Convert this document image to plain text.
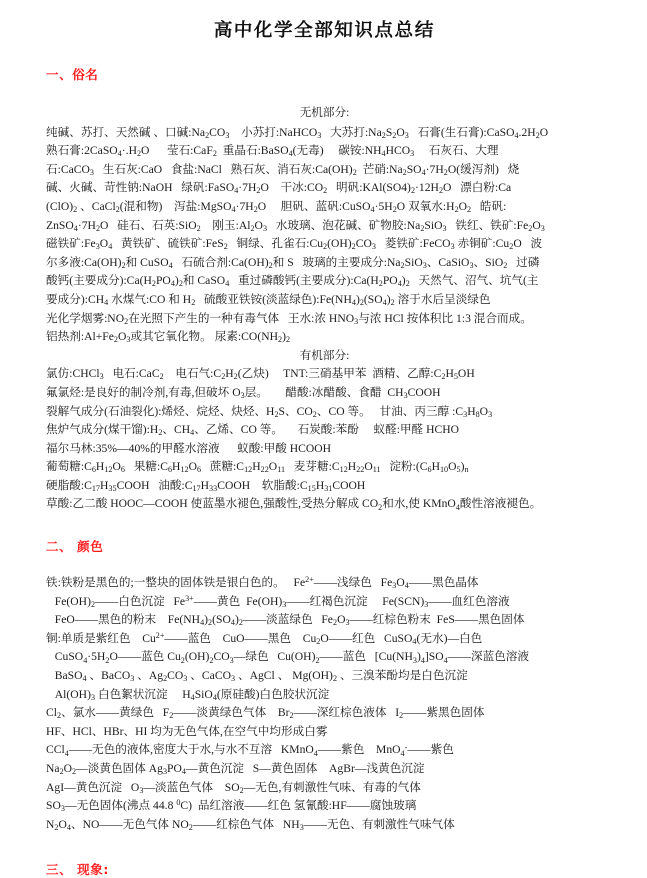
高中化学全部知识点总结
一、俗名

无机部分:

纯碱、苏打、天然碱 、口碱$:Na_2CO_3$    小苏打:NaHCO$_3$   大苏打$:Na_2S_2O_3$   石膏(生石膏)$:CaSO_4.2H_2O$
熟石膏$:2CaSO_4\cdot.H_2O$      莹石:CaF$_2$  重晶石:BaSO$_4$(无毒)     碳铵$:NH_4HCO_3$     石灰石、大理
石:CaCO$_3$   生石灰:CaO   食盐:NaCl   熟石灰、消石灰$:Ca(OH)_2$  芒硝$:Na_2SO_4\cdot 7H_2O$(缓泻剂)   烧
碱、火碱、苛性钠:NaOH   绿矾$:FaSO_4\cdot 7H_2O$    干冰$:CO_2$   明矾$:KAl(SO4)_2\cdot 12H_2O$   漂白粉:Ca
$(ClO)_2$ 、CaCl$_2$(混和物)    泻盐$:MgSO_4\cdot 7H_2O$     胆矾、蓝矾$:CuSO_4\cdot 5H_2O$ 双氧水$:H_2O_2$   皓矾:
$ZnSO_4\cdot 7H_2O$   硅石、石英:SiO$_2$    刚玉$:Al_2O_3$   水玻璃、泡花碱、矿物胶$:Na_2SiO_3$   铁红、铁矿$:Fe_2O_3$
磁铁矿$:Fe_3O_4$   黄铁矿、硫铁矿:FeS$_2$   铜绿、孔雀石$:Cu_2(OH)_2CO_3$   菱铁矿:FeCO$_3$ 赤铜矿$:Cu_2O$   波
尔多液$:Ca(OH)_2$和 CuSO$_4$   石硫合剂$:Ca(OH)_2$和 S   玻璃的主要成分$:Na_2SiO_3$、CaSiO$_3$、SiO$_2$   过磷
酸钙(主要成分)$:Ca(H_2PO_4)_2$和 CaSO$_4$   重过磷酸钙(主要成分)$:Ca(H_2PO_4)_2$   天然气、沼气、坑气(主
要成分)$:CH_4$ 水煤气:CO 和 $H_2$   硫酸亚铁铵(淡蓝绿色)$:Fe(NH_4)_2(SO_4)_2$ 溶于水后呈淡绿色
光化学烟雾$:NO_2$在光照下产生的一种有毒气体   王水:浓 $HNO_3$与浓 HCl 按体积比 1:3 混合而成。
铝热剂$:Al+Fe_2O_3$或其它氧化物。 尿素$:CO(NH_2)_2$

有机部分:

氯仿:CHCl$_3$   电石:CaC$_2$    电石气$:C_2H_2$(乙炔)     TNT:三硝基甲苯  酒精、乙醇$:C_2H_5OH$
氟氯烃:是良好的制冷剂,有毒,但破坏 $O_3$层。      醋酸:冰醋酸、食醋  $CH_3COOH$
裂解气成分(石油裂化):烯烃、烷烃、炔烃、$H_2S$、$CO_2$、CO 等。   甘油、丙三醇 $:C_3H_8O_3$
焦炉气成分(煤干馏)$:H_2$、$CH_4$、乙烯、CO 等。     石炭酸:苯酚     蚁醛:甲醛 HCHO
福尔马林:35%—40%的甲醛水溶液      蚁酸:甲酸 HCOOH
葡萄糖$:C_6H_{12}O_6$   果糖$:C_6H_{12}O_6$   蔗糖$:C_{12}H_{22}O_{11}$   麦芽糖$:C_{12}H_{22}O_{11}$   淀粉$:(C_6H_{10}O_5)_n$
硬脂酸$:C_{17}H_{35}COOH$   油酸$:C_{17}H_{33}COOH$    软脂酸$:C_{15}H_{31}COOH$
草酸:乙二酸 HOOC—COOH 使蓝墨水褪色,强酸性,受热分解成 $CO_2$和水,使 KMnO$_4$酸性溶液褪色。
二、 颜色
铁:铁粉是黑色的;一整块的固体铁是银白色的。   $Fe^{2+}——$浅绿色   $Fe_3O_4——$黑色晶体
$Fe(OH)_2——$白色沉淀   $Fe^{3+}——$黄色  $Fe(OH)_3——$红褐色沉淀     $Fe(SCN)_3——$血红色溶液
FeO——黑色的粉末    $Fe(NH_4)_2(SO_4)_2——$淡蓝绿色   $Fe_2O_3——$红棕色粉末  FeS——黑色固体
铜:单质是紫红色    $Cu^{2+}——$蓝色    CuO——黑色    $Cu_2O——$红色   CuSO$_4$(无水)—白色
$CuSO_4\cdot 5H_2O——$蓝色 $Cu_2(OH)_2CO_3—$绿色   $Cu(OH)_2——$蓝色   $[Cu(NH_3)_4]SO_4——$深蓝色溶液
BaSO$_4$ 、BaCO$_3$ 、$Ag_2CO_3$ 、CaCO$_3$ 、AgCl 、 $Mg(OH)_2$ 、三溴苯酚均是白色沉淀
$Al(OH)_3$ 白色絮状沉淀     $H_4SiO_4$(原硅酸)白色胶状沉淀
$Cl_2$、氯水——黄绿色   $F_2——$淡黄绿色气体    $Br_2——$深红棕色液体   $I_2——$紫黑色固体
HF、HCl、HBr、HI 均为无色气体,在空气中均形成白雾
CCl$_4$——无色的液体,密度大于水,与水不互溶   KMnO$_4$——紫色    MnO$_4$-——紫色
$Na_2O_2—$淡黄色固体 $Ag_3PO_4—$黄色沉淀   S—黄色固体    AgBr—浅黄色沉淀
AgI—黄色沉淀   $O_3—$淡蓝色气体    $SO_2—$无色,有刺激性气味、有毒的气体
$SO_3—$无色固体(沸点 44.8 $^0$C)  品红溶液——红色 氢氰酸:HF——腐蚀玻璃
$N_2O_4$、NO——无色气体 $NO_2——$红棕色气体   $NH_3——$无色、有刺激性气味气体
三、 现象:
